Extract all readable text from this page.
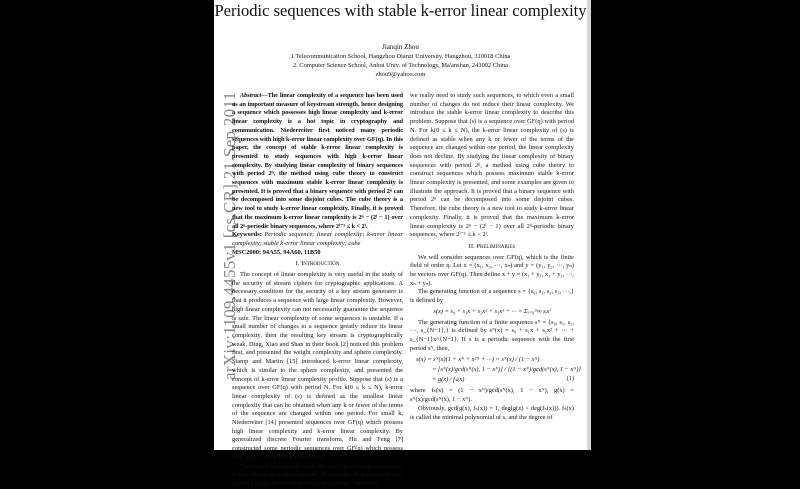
Periodic sequences with stable k-error linear complexity
Jianqin Zhou
1.Telecommunication School, Hangzhou Dianzi University, Hangzhou, 310018 China
2. Computer Science School, Anhui Univ. of Technology, Ma'anshan, 243002 China
zhou9@yahoo.com
arXiv:1109.4455v1 [cs.CR] 21 Sep 2011 Abstract—The linear complexity of a sequence has been used as an important measure of keystream strength, hence designing a sequence which possesses high linear complexity and k-error linear complexity is a hot topic in cryptography and communication. Niederreiter first noticed many periodic sequences with high k-error linear complexity over GF(q). In this paper, the concept of stable k-error linear complexity is presented to study sequences with high k-error linear complexity. By studying linear complexity of binary sequences with period 2ⁿ, the method using cube theory to construct sequences with maximum stable k-error linear complexity is presented. It is proved that a binary sequence with period 2ⁿ can be decomposed into some disjoint cubes. The cube theory is a new tool to study k-error linear complexity. Finally, it is proved that the maximum k-error linear complexity is 2ⁿ − (2ˡ − 1) over all 2ⁿ-periodic binary sequences, where 2ˡ⁻¹ ≤ k < 2ˡ.

Keywords: Periodic sequence; linear complexity; k-error linear complexity; stable k-error linear complexity; cube

MSC2000: 94A55, 94A60, 11B50

I. Introduction

The concept of linear complexity is very useful in the study of the security of stream ciphers for cryptographic applications. A necessary condition for the security of a key stream generator is that it produces a sequence with large linear complexity. However, high linear complexity can not necessarily guarantee the sequence is safe. The linear complexity of some sequences is unstable. If a small number of changes to a sequence greatly reduce its linear complexity, then the resulting key stream is cryptographically weak. Ding, Xiao and Shan in their book [2] noticed this problem first, and presented the weight complexity and sphere complexity. Stamp and Martin [15] introduced k-error linear complexity, which is similar to the sphere complexity, and presented the concept of k-error linear complexity profile. Suppose that (s) is a sequence over GF(q) with period N. For k(0 ≤ k ≤ N), k-error linear complexity of (s) is defined as the smallest linear complexity that can be obtained when any k or fewer of the terms of the sequence are changed within one period. For small k, Niederreiter [14] presented sequences over GF(q) which possess high linear complexity and k-error linear complexity. By generalized discrete Fourier transform, Hu and Feng [7] constructed some periodic sequences over GF(q) which possess very large 1-error linear complexity.

The reason why people study the stability of linear complexity is that changing a small number of elements in a sequence may lead to a sharp decline of its linear complexity. Therefore

we really need to study such sequences, to which even a small number of changes do not reduce their linear complexity. We introduce the stable k-error linear complexity to describe this problem. Suppose that (s) is a sequence over GF(q) with period N. For k(0 ≤ k ≤ N), the k-error linear complexity of (s) is defined as stable when any k or fewer of the terms of the sequence are changed within one period, the linear complexity does not decline. By studying the linear complexity of binary sequences with period 2ⁿ, a method using cube theory to construct sequences which possess maximum stable k-error linear complexity is presented, and some examples are given to illustrate the approach. It is proved that a binary sequence with period 2ⁿ can be decomposed into some disjoint cubes. Therefore, the cube theory is a new tool to study k-error linear complexity. Finally, it is proved that the maximum k-error linear complexity is 2ⁿ − (2ˡ − 1) over all 2ⁿ-periodic binary sequences, where 2ˡ⁻¹ ≤ k < 2ˡ.

II. Preliminaries

We will consider sequences over GF(q), which is the finite field of order q. Let x = (x₁, x₂, ···, xₙ) and y = (y₁, y₂, ···, yₙ) be vectors over GF(q). Then define x + y = (x₁ + y₁, x₂ + y₂, ···, xₙ + yₙ).

The generating function of a sequence s = {s₀, s₁, s₂, s₃, ···,} is defined by

s(x) = s₀ + s₁x + s₂x² + s₃x³ + ··· = Σᵢ₌₀^∞ sᵢxⁱ

The generating function of a finite sequence sᴺ = {s₀, s₁, s₂, ···, s_{N−1},} is defined by sᴺ(x) = s₀ + s₁x + s₂x² + ··· + s_{N−1}x^{N−1}. If s is a periodic sequence with the first period sᴺ, then,

s(x) = sᴺ(x)(1 + xᴺ + x²ᴺ + ···) = sᴺ(x) / (1 − xᴺ)
= [sᴺ(x)/gcd(sᴺ(x), 1 − xᴺ)] / [(1 − xᴺ)/gcd(sᴺ(x), 1 − xᴺ)]
= g(x) / fₛ(x)	(1)

where fₛ(x) = (1 − xᴺ)/gcd(sᴺ(x), 1 − xᴺ), g(x) = sᴺ(x)/gcd(sᴺ(x), 1 − xᴺ).

Obviously, gcd(g(x), fₛ(x)) = 1, deg(g(x) < deg(fₛ(x))). fₛ(x) is called the minimal polynomial of s, and the degree of
